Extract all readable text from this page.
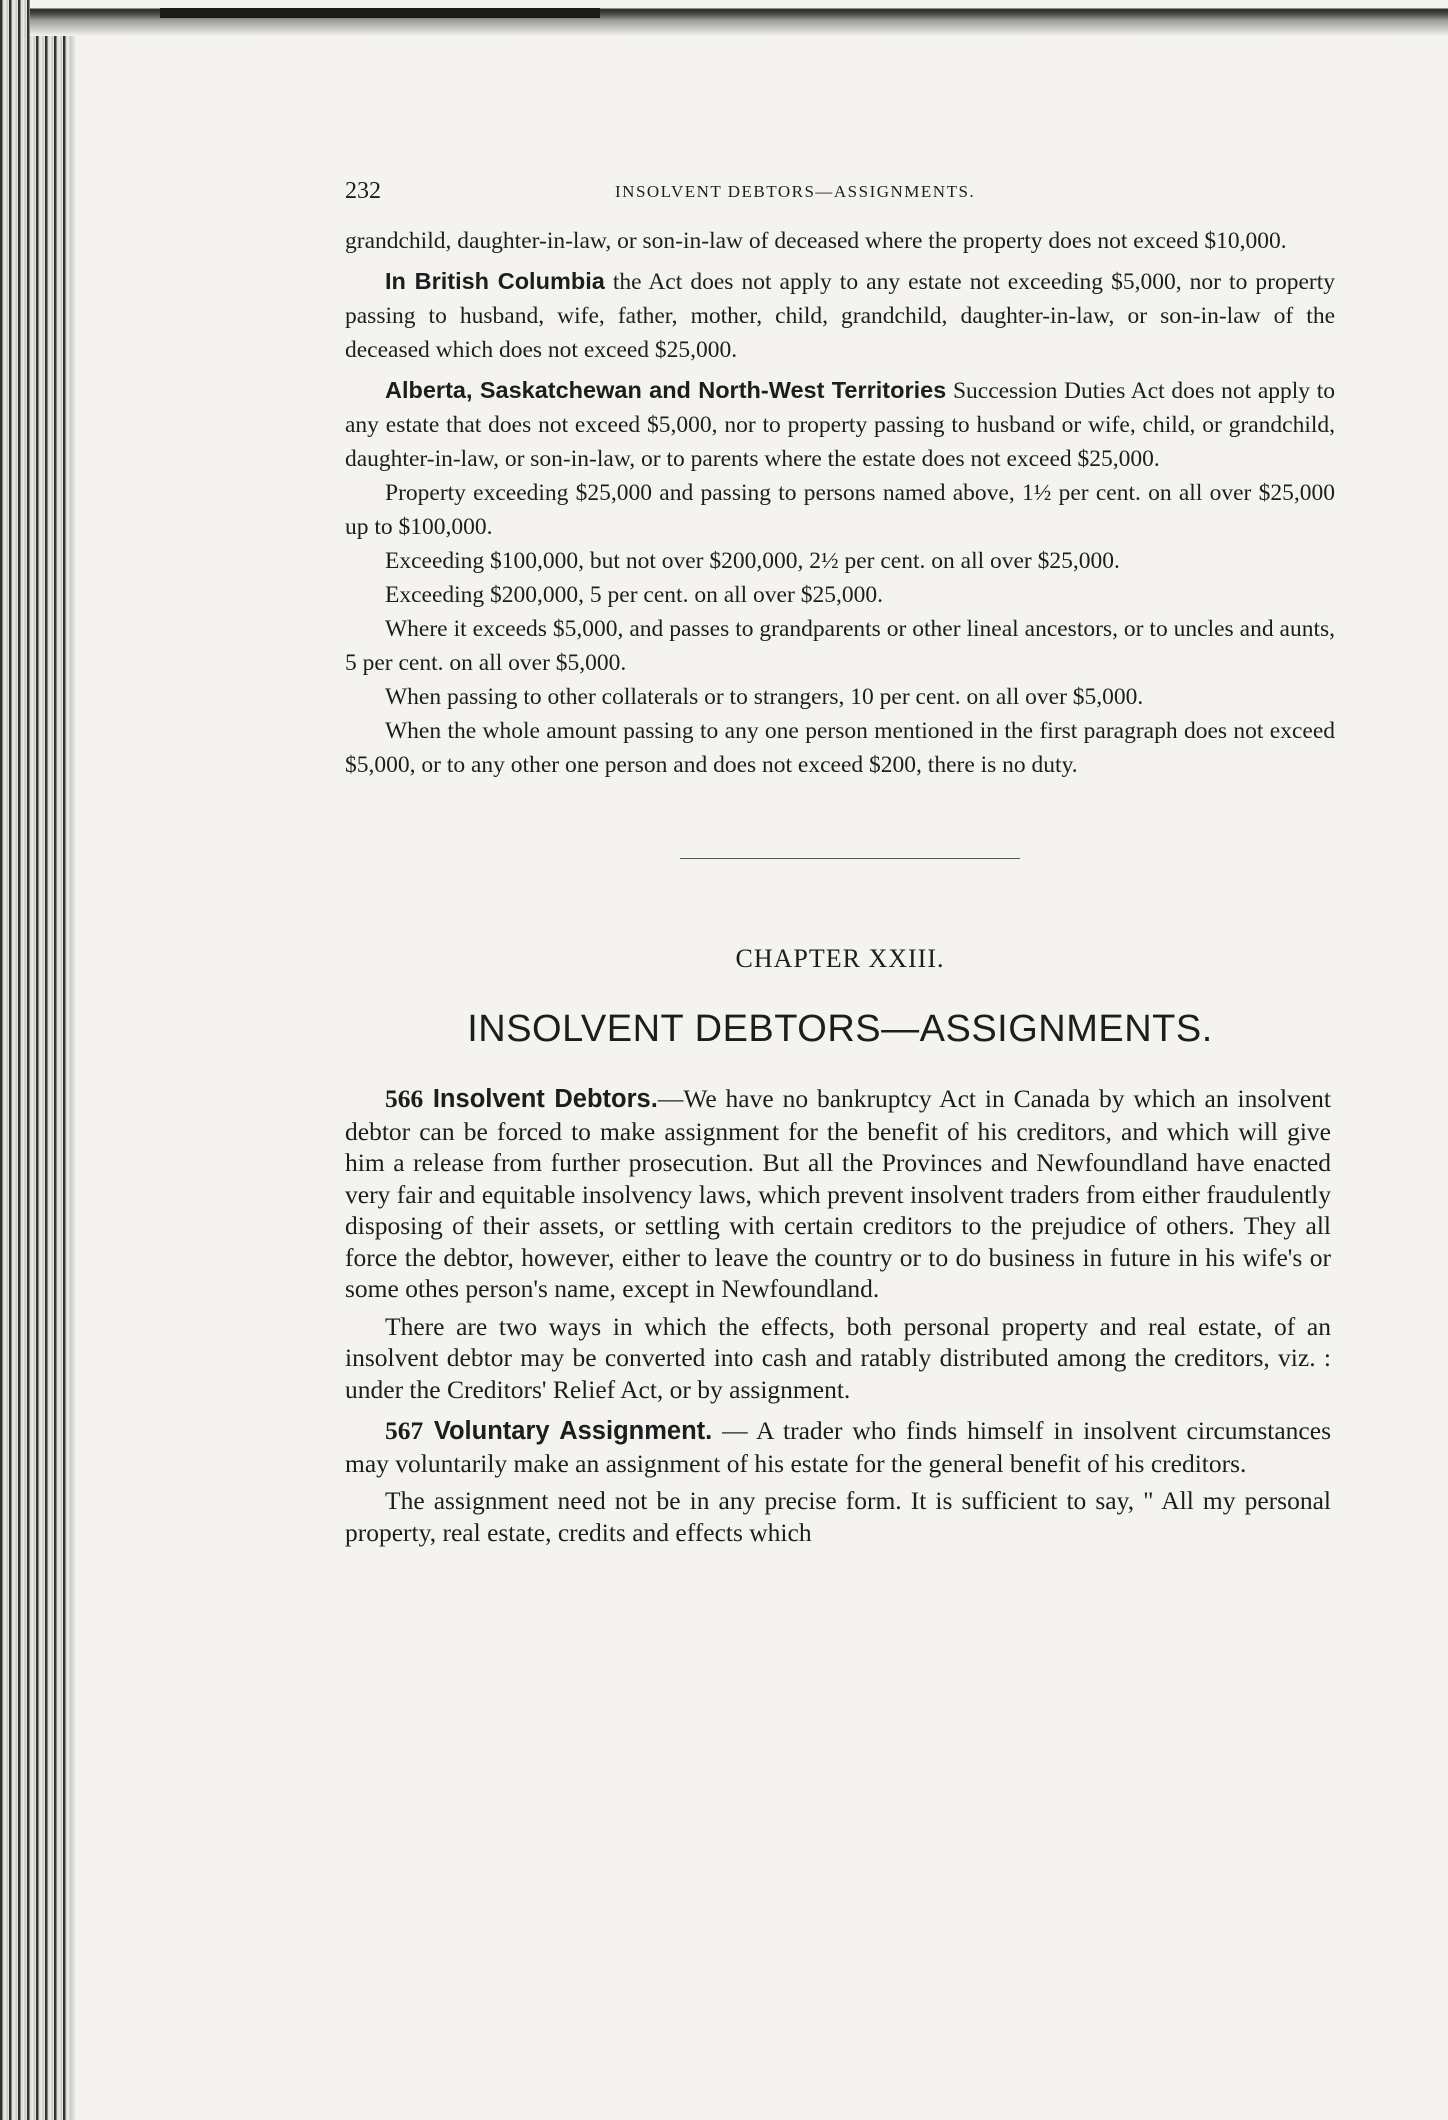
232	INSOLVENT DEBTORS—ASSIGNMENTS.

grandchild, daughter-in-law, or son-in-law of deceased where the property does not exceed $10,000.

In British Columbia the Act does not apply to any estate not exceeding $5,000, nor to property passing to husband, wife, father, mother, child, grandchild, daughter-in-law, or son-in-law of the deceased which does not exceed $25,000.

Alberta, Saskatchewan and North-West Territories Succession Duties Act does not apply to any estate that does not exceed $5,000, nor to property passing to husband or wife, child, or grandchild, daughter-in-law, or son-in-law, or to parents where the estate does not exceed $25,000.

Property exceeding $25,000 and passing to persons named above, 1½ per cent. on all over $25,000 up to $100,000.

Exceeding $100,000, but not over $200,000, 2½ per cent. on all over $25,000.

Exceeding $200,000, 5 per cent. on all over $25,000.

Where it exceeds $5,000, and passes to grandparents or other lineal ancestors, or to uncles and aunts, 5 per cent. on all over $5,000.

When passing to other collaterals or to strangers, 10 per cent. on all over $5,000.

When the whole amount passing to any one person mentioned in the first paragraph does not exceed $5,000, or to any other one person and does not exceed $200, there is no duty.

CHAPTER XXIII.
INSOLVENT DEBTORS—ASSIGNMENTS.

566 Insolvent Debtors.—We have no bankruptcy Act in Canada by which an insolvent debtor can be forced to make assignment for the benefit of his creditors, and which will give him a release from further prosecution. But all the Provinces and Newfoundland have enacted very fair and equitable insolvency laws, which prevent insolvent traders from either fraudulently disposing of their assets, or settling with certain creditors to the prejudice of others. They all force the debtor, however, either to leave the country or to do business in future in his wife's or some othes person's name, except in Newfoundland.

There are two ways in which the effects, both personal property and real estate, of an insolvent debtor may be converted into cash and ratably distributed among the creditors, viz. : under the Creditors' Relief Act, or by assignment.

567 Voluntary Assignment. — A trader who finds himself in insolvent circumstances may voluntarily make an assignment of his estate for the general benefit of his creditors.

The assignment need not be in any precise form. It is sufficient to say, " All my personal property, real estate, credits and effects which
